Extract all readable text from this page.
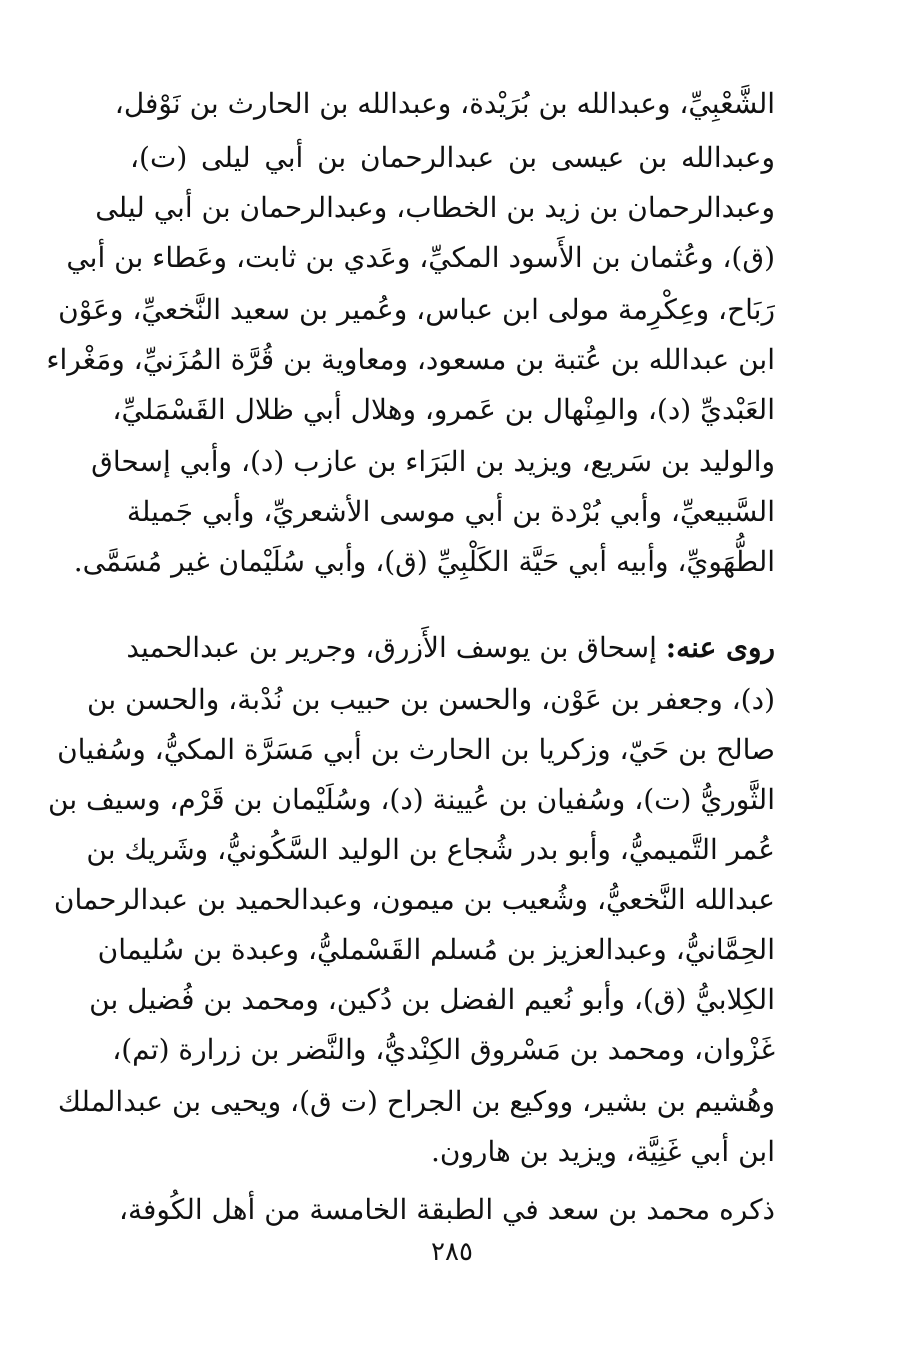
الشَّعْبِيِّ، وعبدالله بن بُرَيْدة، وعبدالله بن الحارث بن نَوْفل،
وعبدالله بن عيسى بن عبدالرحمان بن أبي ليلى (ت)،
وعبدالرحمان بن زيد بن الخطاب، وعبدالرحمان بن أبي ليلى
(ق)، وعُثمان بن الأَسود المكيِّ، وعَدي بن ثابت، وعَطاء بن أبي
رَبَاح، وعِكْرِمة مولى ابن عباس، وعُمير بن سعيد النَّخعيِّ، وعَوْن
ابن عبدالله بن عُتبة بن مسعود، ومعاوية بن قُرَّة المُزَنيِّ، ومَغْراء
العَبْديِّ (د)، والمِنْهال بن عَمرو، وهلال أبي ظلال القَسْمَليِّ،
والوليد بن سَريع، ويزيد بن البَرَاء بن عازب (د)، وأبي إسحاق
السَّبيعيِّ، وأبي بُرْدة بن أبي موسى الأشعريِّ، وأبي جَميلة
الطُّهَويِّ، وأبيه أبي حَيَّة الكَلْبِيِّ (ق)، وأبي سُلَيْمان غير مُسَمَّى.
روى عنه: إسحاق بن يوسف الأَزرق، وجرير بن عبدالحميد
(د)، وجعفر بن عَوْن، والحسن بن حبيب بن نُدْبة، والحسن بن
صالح بن حَيّ، وزكريا بن الحارث بن أبي مَسَرَّة المكيُّ، وسُفيان
الثَّوريُّ (ت)، وسُفيان بن عُيينة (د)، وسُلَيْمان بن قَرْم، وسيف بن
عُمر التَّميميُّ، وأبو بدر شُجاع بن الوليد السَّكُونيُّ، وشَريك بن
عبدالله النَّخعيُّ، وشُعيب بن ميمون، وعبدالحميد بن عبدالرحمان
الحِمَّانيُّ، وعبدالعزيز بن مُسلم القَسْمليُّ، وعبدة بن سُليمان
الكِلابيُّ (ق)، وأبو نُعيم الفضل بن دُكين، ومحمد بن فُضيل بن
غَزْوان، ومحمد بن مَسْروق الكِنْديُّ، والنَّضر بن زرارة (تم)،
وهُشيم بن بشير، ووكيع بن الجراح (ت ق)، ويحيى بن عبدالملك
ابن أبي غَنِيَّة، ويزيد بن هارون.
ذكره محمد بن سعد في الطبقة الخامسة من أهل الكُوفة،
٢٨٥
